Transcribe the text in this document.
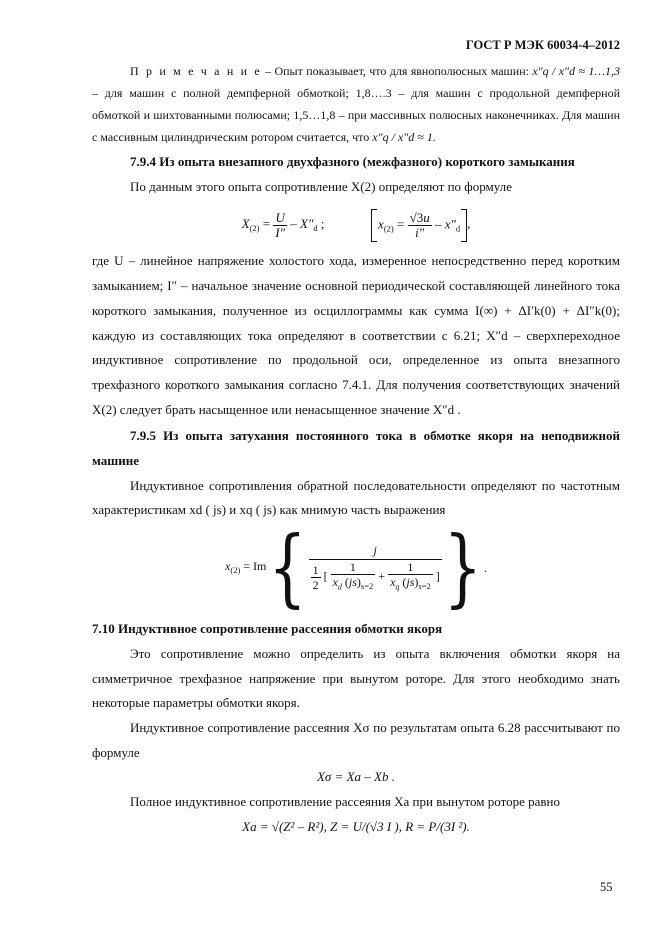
ГОСТ Р МЭК 60034-4–2012

П р и м е ч а н и е – Опыт показывает, что для явнополюсных машин: x″q / x″d ≈ 1…1,3 – для машин с полной демпферной обмоткой; 1,8….3 – для машин с продольной демпферной обмоткой и шихтованными полюсами; 1,5…1,8 – при массивных полюсных наконечниках. Для машин с массивным цилиндрическим ротором считается, что x″q / x″d ≈ 1.

7.9.4 Из опыта внезапного двухфазного (межфазного) короткого замыкания

По данным этого опыта сопротивление X(2) определяют по формуле

$X_{(2)} = \frac{U}{I''} - X''_d$ ;	$x_{(2)} = \frac{√3u}{i''} - x''_d$ ,

где U – линейное напряжение холостого хода, измеренное непосредственно перед коротким замыканием; I″ – начальное значение основной периодической составляющей линейного тока короткого замыкания, полученное из осциллограммы как сумма I(∞) + ΔI′k(0) + ΔI″k(0); каждую из составляющих тока определяют в соответствии с 6.21; X″d – сверхпереходное индуктивное сопротивление по продольной оси, определенное из опыта внезапного трехфазного короткого замыкания согласно 7.4.1. Для получения соответствующих значений X(2) следует брать насыщенное или ненасыщенное значение X″d .

7.9.5 Из опыта затухания постоянного тока в обмотке якоря на неподвижной машине

Индуктивное сопротивления обратной последовательности определяют по частотным характеристикам xd ( js) и xq ( js) как мнимую часть выражения

$x_{(2)} = Im$ {	j
$\frac{1}{2}$ [ $\frac{1}{x_d (js)_{s=2}} + \frac{1}{x_q (js)_{s=2}}$ ] } .

7.10 Индуктивное сопротивление рассеяния обмотки якоря

Это сопротивление можно определить из опыта включения обмотки якоря на симметричное трехфазное напряжение при вынутом роторе. Для этого необходимо знать некоторые параметры обмотки якоря.

Индуктивное сопротивление рассеяния Xσ по результатам опыта 6.28 рассчитывают по формуле

Xσ = Xa – Xb .

Полное индуктивное сопротивление рассеяния Xa при вынутом роторе равно

Xa = √(Z² – R²), Z = U/(√3 I ), R = P/(3I ²).

55
